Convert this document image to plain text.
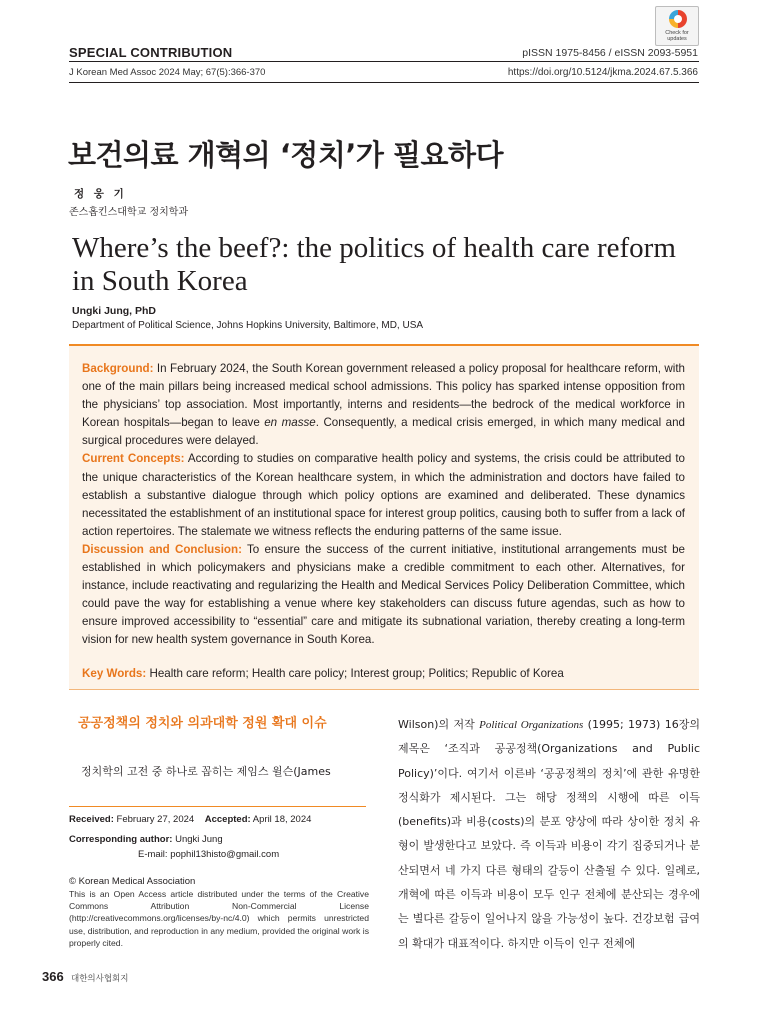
SPECIAL CONTRIBUTION
J Korean Med Assoc 2024 May; 67(5):366-370
pISSN 1975-8456 / eISSN 2093-5951
https://doi.org/10.5124/jkma.2024.67.5.366
Check for updates
보건의료 개혁의 ‘정치’가 필요하다
정 웅 기
존스홉킨스대학교 정치학과
Where’s the beef?: the politics of health care reform in South Korea
Ungki Jung, PhD
Department of Political Science, Johns Hopkins University, Baltimore, MD, USA

Background: In February 2024, the South Korean government released a policy proposal for healthcare reform, with one of the main pillars being increased medical school admissions. This policy has sparked intense opposition from the physicians’ top association. Most importantly, interns and residents—the bedrock of the medical workforce in Korean hospitals—began to leave en masse. Consequently, a medical crisis emerged, in which many medical and surgical procedures were delayed.
Current Concepts: According to studies on comparative health policy and systems, the crisis could be attributed to the unique characteristics of the Korean healthcare system, in which the administration and doctors have failed to establish a substantive dialogue through which policy options are examined and deliberated. These dynamics necessitated the establishment of an institutional space for interest group politics, causing both to suffer from a lack of action repertoires. The stalemate we witness reflects the enduring patterns of the same issue.
Discussion and Conclusion: To ensure the success of the current initiative, institutional arrangements must be established in which policymakers and physicians make a credible commitment to each other. Alternatives, for instance, include reactivating and regularizing the Health and Medical Services Policy Deliberation Committee, which could pave the way for establishing a venue where key stakeholders can discuss future agendas, such as how to ensure improved accessibility to “essential” care and mitigate its subnational variation, thereby creating a long-term vision for new health system governance in South Korea.

Key Words: Health care reform; Health care policy; Interest group; Politics; Republic of Korea

공공정책의 정치와 의과대학 정원 확대 이슈
정치학의 고전 중 하나로 꼽히는 제임스 윌슨(James

Wilson)의 저작 Political Organizations (1995; 1973) 16장의 제목은 ‘조직과 공공정책(Organizations and Public Policy)’이다. 여기서 이른바 ‘공공정책의 정치’에 관한 유명한 정식화가 제시된다. 그는 해당 정책의 시행에 따른 이득(benefits)과 비용(costs)의 분포 양상에 따라 상이한 정치 유형이 발생한다고 보았다. 즉 이득과 비용이 각기 집중되거나 분산되면서 네 가지 다른 형태의 갈등이 산출될 수 있다. 일례로, 개혁에 따른 이득과 비용이 모두 인구 전체에 분산되는 경우에는 별다른 갈등이 일어나지 않을 가능성이 높다. 건강보험 급여의 확대가 대표적이다. 하지만 이득이 인구 전체에

Received: February 27, 2024 Accepted: April 18, 2024
Corresponding author: Ungki Jung
E-mail: pophil13histo@gmail.com
© Korean Medical Association
This is an Open Access article distributed under the terms of the Creative Commons Attribution Non-Commercial License (http://creativecommons.org/licenses/by-nc/4.0) which permits unrestricted use, distribution, and reproduction in any medium, provided the original work is properly cited.
366 대한의사협회지
